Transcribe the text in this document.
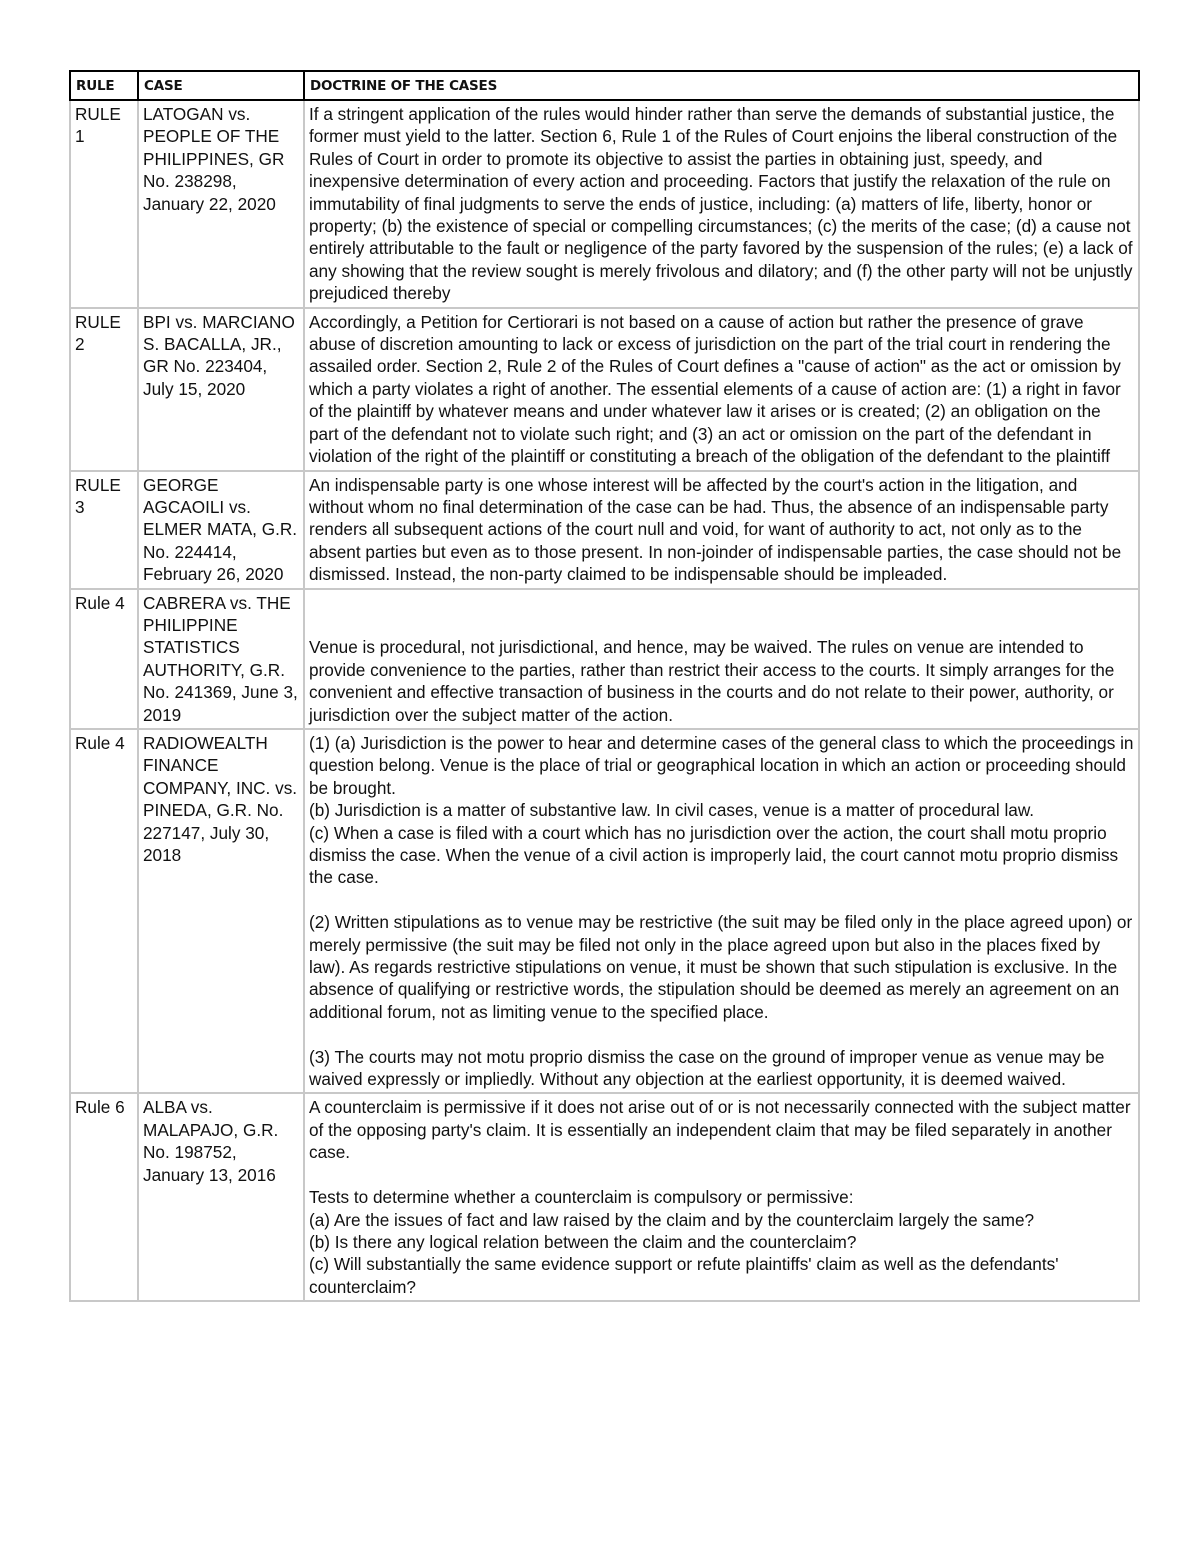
RULE	CASE	DOCTRINE OF THE CASES
RULE 1	LATOGAN vs. PEOPLE OF THE PHILIPPINES, GR No. 238298, January 22, 2020	If a stringent application of the rules would hinder rather than serve the demands of substantial justice, the former must yield to the latter. Section 6, Rule 1 of the Rules of Court enjoins the liberal construction of the Rules of Court in order to promote its objective to assist the parties in obtaining just, speedy, and inexpensive determination of every action and proceeding. Factors that justify the relaxation of the rule on immutability of final judgments to serve the ends of justice, including: (a) matters of life, liberty, honor or property; (b) the existence of special or compelling circumstances; (c) the merits of the case; (d) a cause not entirely attributable to the fault or negligence of the party favored by the suspension of the rules; (e) a lack of any showing that the review sought is merely frivolous and dilatory; and (f) the other party will not be unjustly prejudiced thereby
RULE 2	BPI vs. MARCIANO S. BACALLA, JR., GR No. 223404, July 15, 2020	Accordingly, a Petition for Certiorari is not based on a cause of action but rather the presence of grave abuse of discretion amounting to lack or excess of jurisdiction on the part of the trial court in rendering the assailed order. Section 2, Rule 2 of the Rules of Court defines a "cause of action" as the act or omission by which a party violates a right of another. The essential elements of a cause of action are: (1) a right in favor of the plaintiff by whatever means and under whatever law it arises or is created; (2) an obligation on the part of the defendant not to violate such right; and (3) an act or omission on the part of the defendant in violation of the right of the plaintiff or constituting a breach of the obligation of the defendant to the plaintiff
RULE 3	GEORGE AGCAOILI vs. ELMER MATA, G.R. No. 224414, February 26, 2020	An indispensable party is one whose interest will be affected by the court's action in the litigation, and without whom no final determination of the case can be had. Thus, the absence of an indispensable party renders all subsequent actions of the court null and void, for want of authority to act, not only as to the absent parties but even as to those present. In non-joinder of indispensable parties, the case should not be dismissed. Instead, the non-party claimed to be indispensable should be impleaded.
Rule 4	CABRERA vs. THE PHILIPPINE STATISTICS AUTHORITY, G.R. No. 241369, June 3, 2019	Venue is procedural, not jurisdictional, and hence, may be waived. The rules on venue are intended to provide convenience to the parties, rather than restrict their access to the courts. It simply arranges for the convenient and effective transaction of business in the courts and do not relate to their power, authority, or jurisdiction over the subject matter of the action.
Rule 4	RADIOWEALTH FINANCE COMPANY, INC. vs. PINEDA, G.R. No. 227147, July 30, 2018	(1) (a) Jurisdiction is the power to hear and determine cases of the general class to which the proceedings in question belong. Venue is the place of trial or geographical location in which an action or proceeding should be brought.
(b) Jurisdiction is a matter of substantive law. In civil cases, venue is a matter of procedural law.
(c) When a case is filed with a court which has no jurisdiction over the action, the court shall motu proprio dismiss the case. When the venue of a civil action is improperly laid, the court cannot motu proprio dismiss the case.

(2) Written stipulations as to venue may be restrictive (the suit may be filed only in the place agreed upon) or merely permissive (the suit may be filed not only in the place agreed upon but also in the places fixed by law). As regards restrictive stipulations on venue, it must be shown that such stipulation is exclusive. In the absence of qualifying or restrictive words, the stipulation should be deemed as merely an agreement on an additional forum, not as limiting venue to the specified place.

(3) The courts may not motu proprio dismiss the case on the ground of improper venue as venue may be waived expressly or impliedly. Without any objection at the earliest opportunity, it is deemed waived.
Rule 6	ALBA vs. MALAPAJO, G.R. No. 198752, January 13, 2016	A counterclaim is permissive if it does not arise out of or is not necessarily connected with the subject matter of the opposing party's claim. It is essentially an independent claim that may be filed separately in another case.

Tests to determine whether a counterclaim is compulsory or permissive:
(a) Are the issues of fact and law raised by the claim and by the counterclaim largely the same?
(b) Is there any logical relation between the claim and the counterclaim?
(c) Will substantially the same evidence support or refute plaintiffs' claim as well as the defendants' counterclaim?
